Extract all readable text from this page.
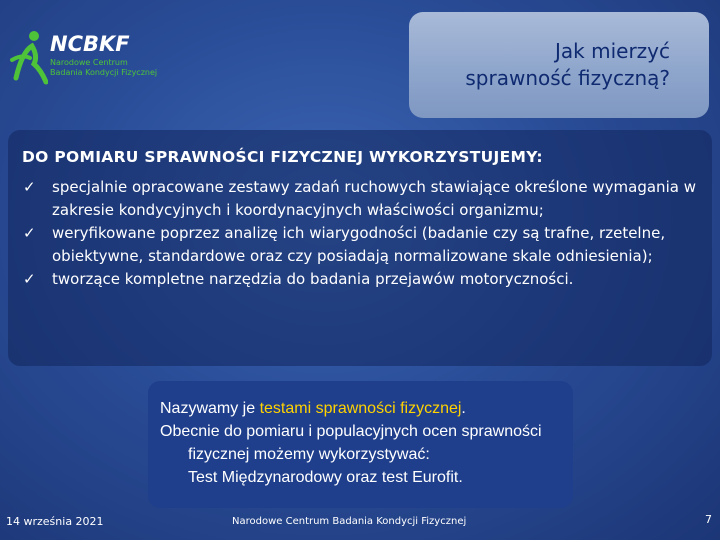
Jak mierzyć
sprawność fizyczną?
NCBKF
Narodowe Centrum
Badania Kondycji Fizycznej
DO POMIARU SPRAWNOŚCI FIZYCZNEJ WYKORZYSTUJEMY:
✓ specjalnie opracowane zestawy zadań ruchowych stawiające określone wymagania w zakresie kondycyjnych i koordynacyjnych właściwości organizmu;
✓ weryfikowane poprzez analizę ich wiarygodności (badanie czy są trafne, rzetelne, obiektywne, standardowe oraz czy posiadają normalizowane skale odniesienia);
✓ tworzące kompletne narzędzia do badania przejawów motoryczności.
Nazywamy je testami sprawności fizycznej.
Obecnie do pomiaru i populacyjnych ocen sprawności
fizycznej możemy wykorzystywać:
Test Międzynarodowy oraz test Eurofit.
14 września 2021	Narodowe Centrum Badania Kondycji Fizycznej	7
